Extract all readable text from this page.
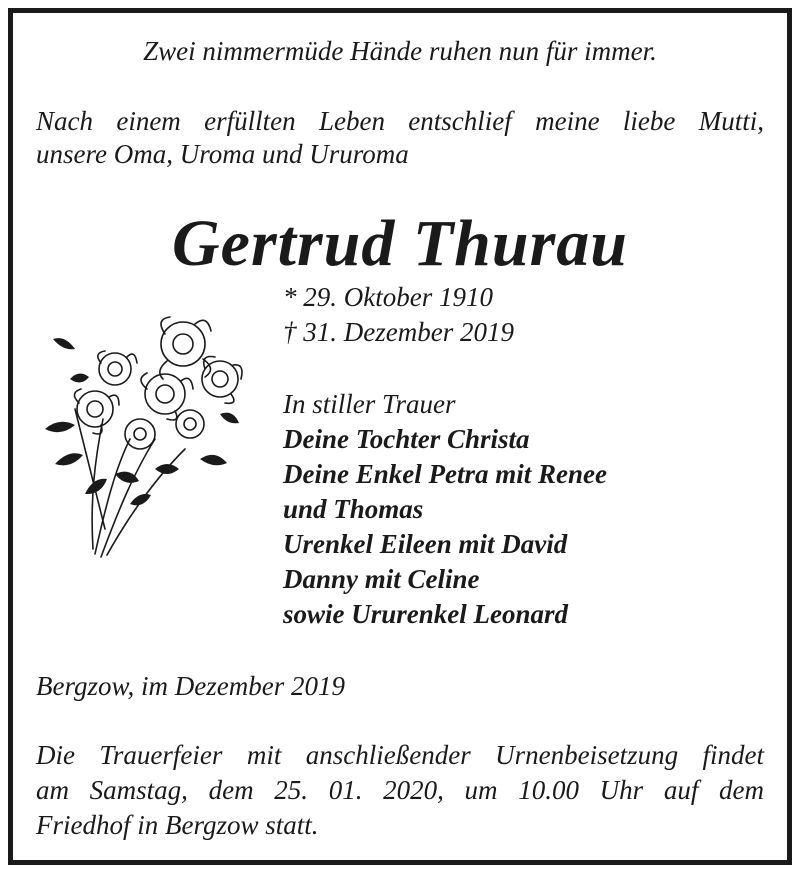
Zwei nimmermüde Hände ruhen nun für immer.
Nach einem erfüllten Leben entschlief meine liebe Mutti,
unsere Oma, Uroma und Ururoma
Gertrud Thurau
* 29. Oktober 1910
† 31. Dezember 2019
In stiller Trauer
Deine Tochter Christa
Deine Enkel Petra mit Renee
und Thomas
Urenkel Eileen mit David
Danny mit Celine
sowie Ururenkel Leonard
Bergzow, im Dezember 2019
Die Trauerfeier mit anschließender Urnenbeisetzung findet
am Samstag, dem 25. 01. 2020, um 10.00 Uhr auf dem
Friedhof in Bergzow statt.
